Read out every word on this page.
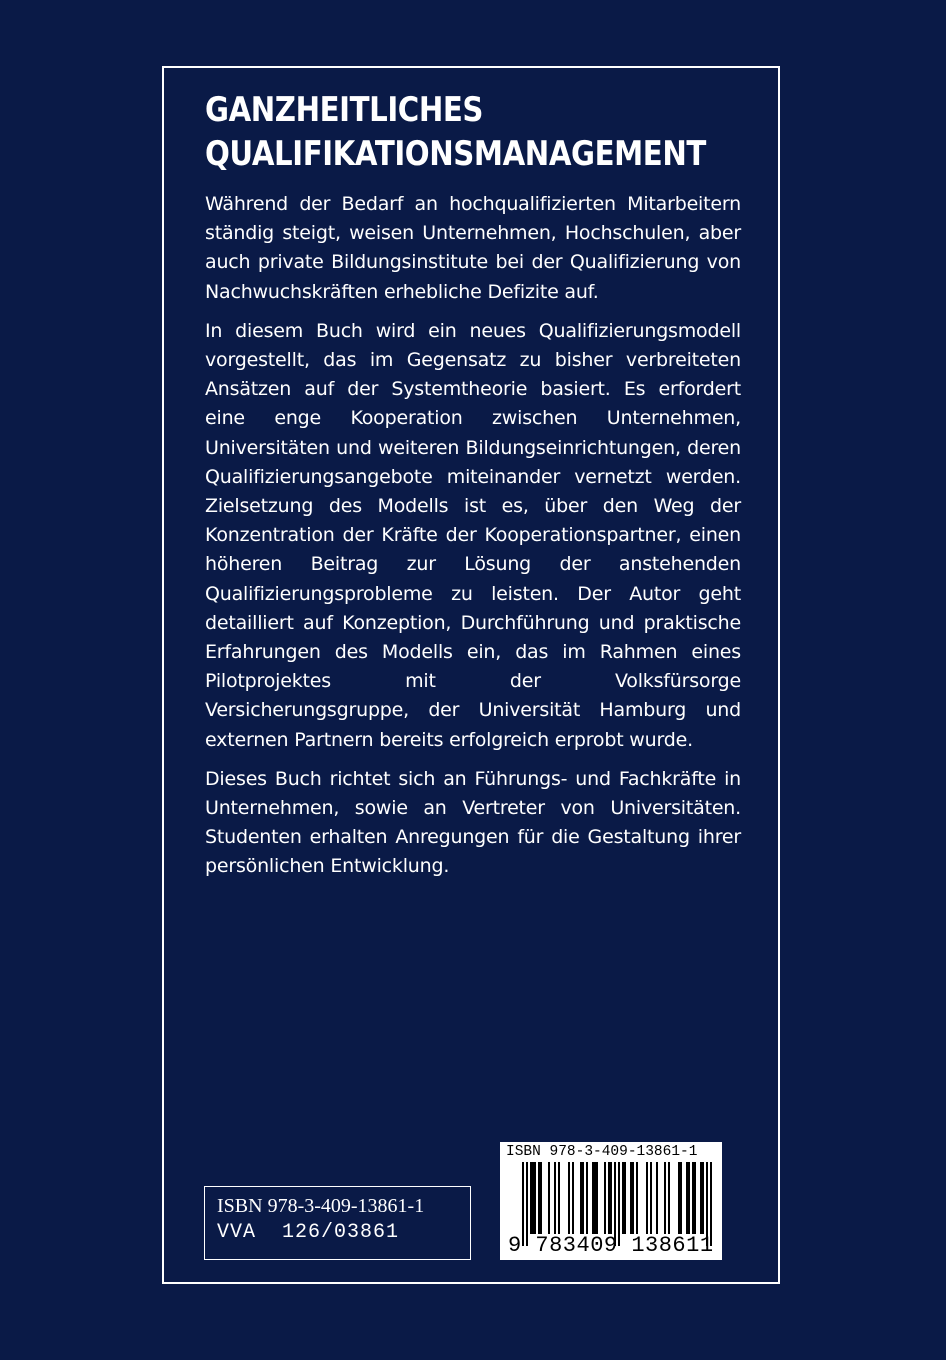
GANZHEITLICHES
QUALIFIKATIONSMANAGEMENT

Während der Bedarf an hochqualifizierten Mitarbeitern ständig steigt, weisen Unternehmen, Hochschulen, aber auch private Bildungsinstitute bei der Qualifizierung von Nachwuchskräften erhebliche Defizite auf.

In diesem Buch wird ein neues Qualifizierungsmodell vorgestellt, das im Gegensatz zu bisher verbreiteten Ansätzen auf der Systemtheorie basiert. Es erfordert eine enge Kooperation zwischen Unternehmen, Universitäten und weiteren Bildungseinrichtungen, deren Qualifizierungsangebote miteinander vernetzt werden. Zielsetzung des Modells ist es, über den Weg der Konzentration der Kräfte der Kooperationspartner, einen höheren Beitrag zur Lösung der anstehenden Qualifizierungsprobleme zu leisten. Der Autor geht detailliert auf Konzeption, Durchführung und praktische Erfahrungen des Modells ein, das im Rahmen eines Pilotprojektes mit der Volksfürsorge Versicherungsgruppe, der Universität Hamburg und externen Partnern bereits erfolgreich erprobt wurde.

Dieses Buch richtet sich an Führungs- und Fachkräfte in Unternehmen, sowie an Vertreter von Universitäten. Studenten erhalten Anregungen für die Gestaltung ihrer persönlichen Entwicklung.

ISBN 978-3-409-13861-1
VVA  126/03861
ISBN 978-3-409-13861-1
9 783409 138611
